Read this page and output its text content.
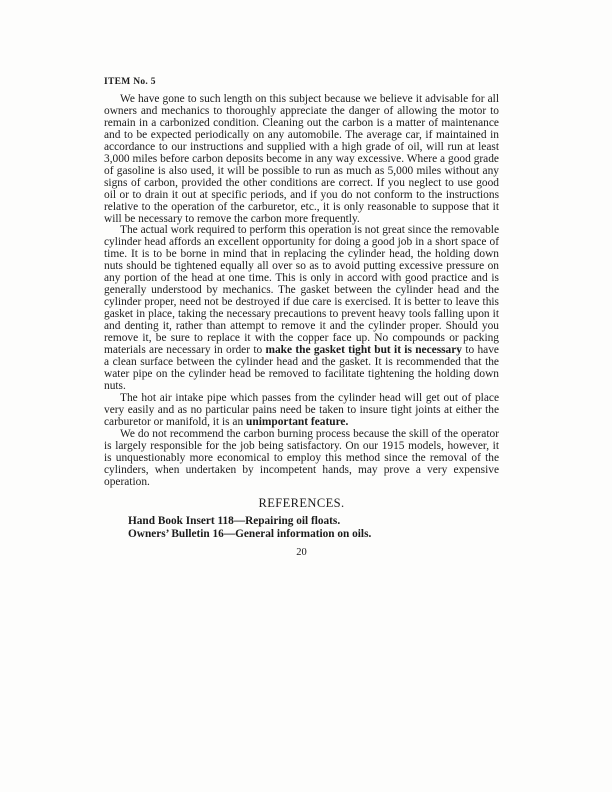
ITEM No. 5

We have gone to such length on this subject because we believe it advisable for all owners and mechanics to thoroughly appreciate the danger of allowing the motor to remain in a carbonized condition. Cleaning out the carbon is a matter of maintenance and to be expected periodically on any automobile. The average car, if maintained in accordance to our instructions and supplied with a high grade of oil, will run at least 3,000 miles before carbon deposits become in any way excessive. Where a good grade of gasoline is also used, it will be possible to run as much as 5,000 miles without any signs of carbon, provided the other conditions are correct. If you neglect to use good oil or to drain it out at specific periods, and if you do not conform to the instructions relative to the operation of the carburetor, etc., it is only reasonable to suppose that it will be necessary to remove the carbon more frequently.

The actual work required to perform this operation is not great since the removable cylinder head affords an excellent opportunity for doing a good job in a short space of time. It is to be borne in mind that in replacing the cylinder head, the holding down nuts should be tightened equally all over so as to avoid putting excessive pressure on any portion of the head at one time. This is only in accord with good practice and is generally understood by mechanics. The gasket between the cylinder head and the cylinder proper, need not be destroyed if due care is exercised. It is better to leave this gasket in place, taking the necessary precautions to prevent heavy tools falling upon it and denting it, rather than attempt to remove it and the cylinder proper. Should you remove it, be sure to replace it with the copper face up. No compounds or packing materials are necessary in order to make the gasket tight but it is necessary to have a clean surface between the cylinder head and the gasket. It is recommended that the water pipe on the cylinder head be removed to facilitate tightening the holding down nuts.

The hot air intake pipe which passes from the cylinder head will get out of place very easily and as no particular pains need be taken to insure tight joints at either the carburetor or manifold, it is an unimportant feature.

We do not recommend the carbon burning process because the skill of the operator is largely responsible for the job being satisfactory. On our 1915 models, however, it is unquestionably more economical to employ this method since the removal of the cylinders, when undertaken by incompetent hands, may prove a very expensive operation.

REFERENCES.
Hand Book Insert 118—Repairing oil floats.
Owners’ Bulletin 16—General information on oils.
20
